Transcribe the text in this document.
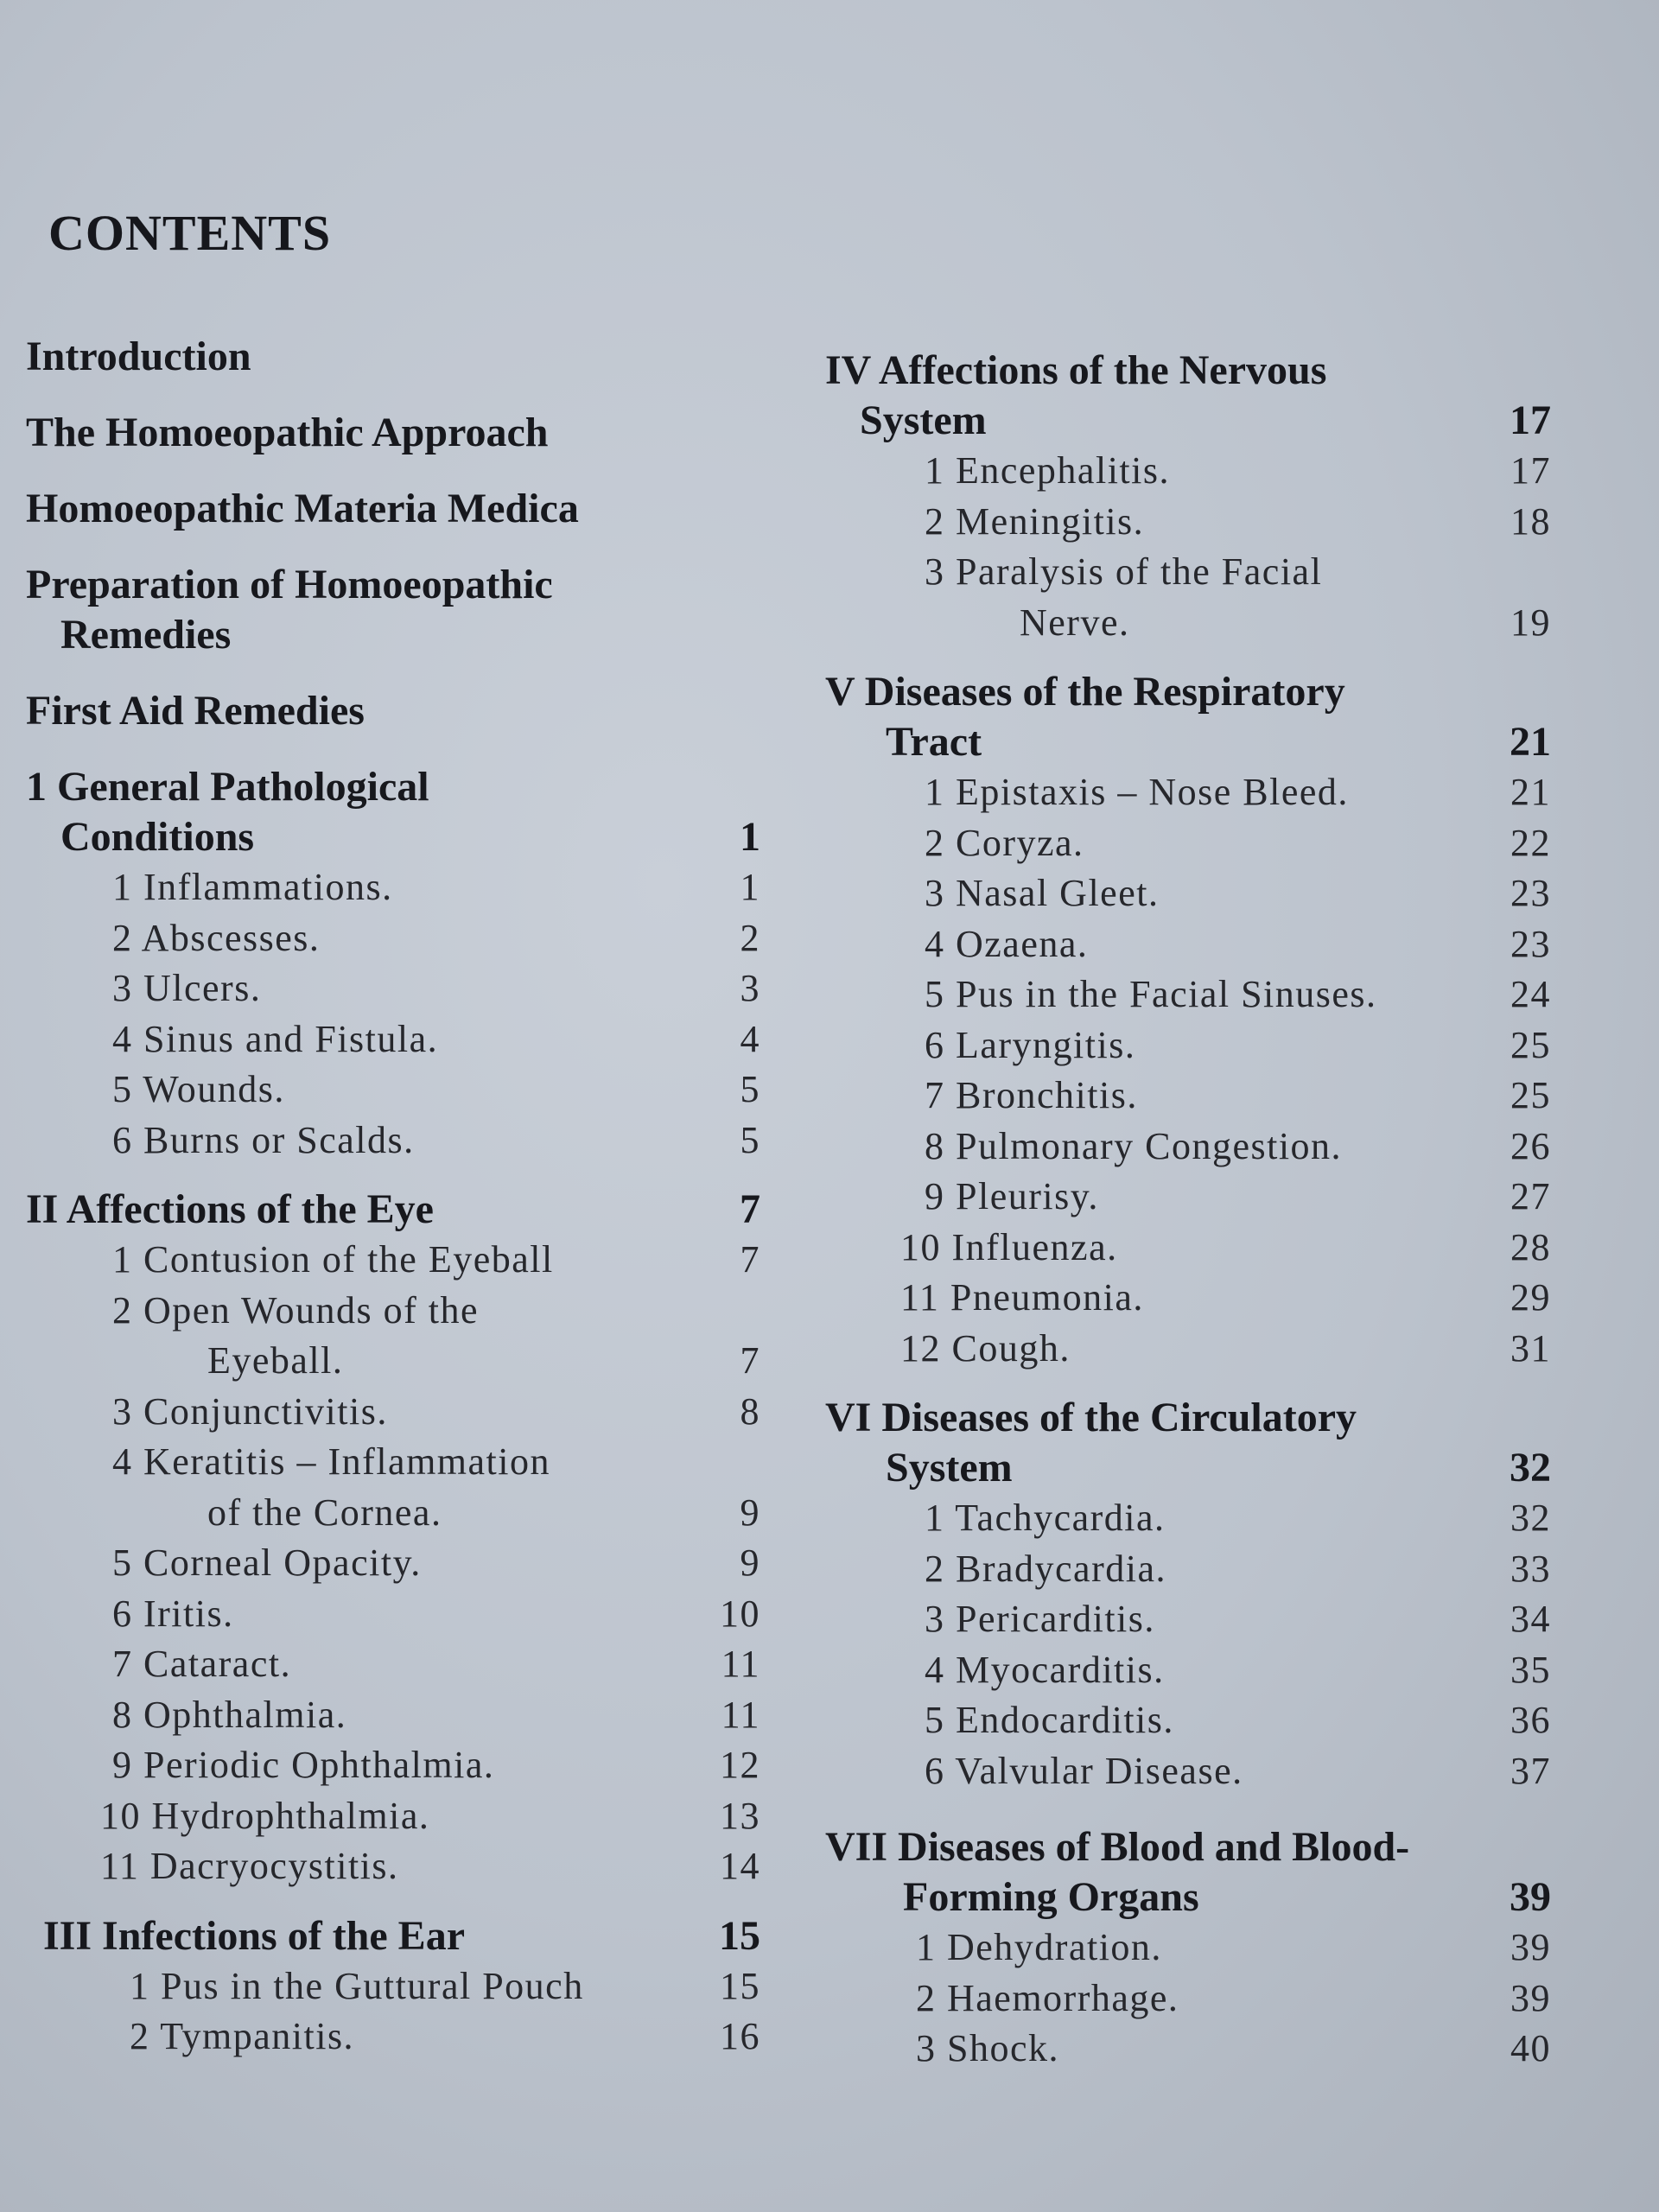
CONTENTS
Introduction
The Homoeopathic Approach
Homoeopathic Materia Medica
Preparation of Homoeopathic
Remedies
First Aid Remedies
1 General Pathological
Conditions	1
1 Inflammations.	1
2 Abscesses.	2
3 Ulcers.	3
4 Sinus and Fistula.	4
5 Wounds.	5
6 Burns or Scalds.	5
II Affections of the Eye	7
1 Contusion of the Eyeball	7
2 Open Wounds of the
Eyeball.	7
3 Conjunctivitis.	8
4 Keratitis – Inflammation
of the Cornea.	9
5 Corneal Opacity.	9
6 Iritis.	10
7 Cataract.	11
8 Ophthalmia.	11
9 Periodic Ophthalmia.	12
10 Hydrophthalmia.	13
11 Dacryocystitis.	14
III Infections of the Ear	15
1 Pus in the Guttural Pouch	15
2 Tympanitis.	16
IV Affections of the Nervous
System	17
1 Encephalitis.	17
2 Meningitis.	18
3 Paralysis of the Facial
Nerve.	19
V Diseases of the Respiratory
Tract	21
1 Epistaxis – Nose Bleed.	21
2 Coryza.	22
3 Nasal Gleet.	23
4 Ozaena.	23
5 Pus in the Facial Sinuses.	24
6 Laryngitis.	25
7 Bronchitis.	25
8 Pulmonary Congestion.	26
9 Pleurisy.	27
10 Influenza.	28
11 Pneumonia.	29
12 Cough.	31
VI Diseases of the Circulatory
System	32
1 Tachycardia.	32
2 Bradycardia.	33
3 Pericarditis.	34
4 Myocarditis.	35
5 Endocarditis.	36
6 Valvular Disease.	37
VII Diseases of Blood and Blood-
Forming Organs	39
1 Dehydration.	39
2 Haemorrhage.	39
3 Shock.	40
